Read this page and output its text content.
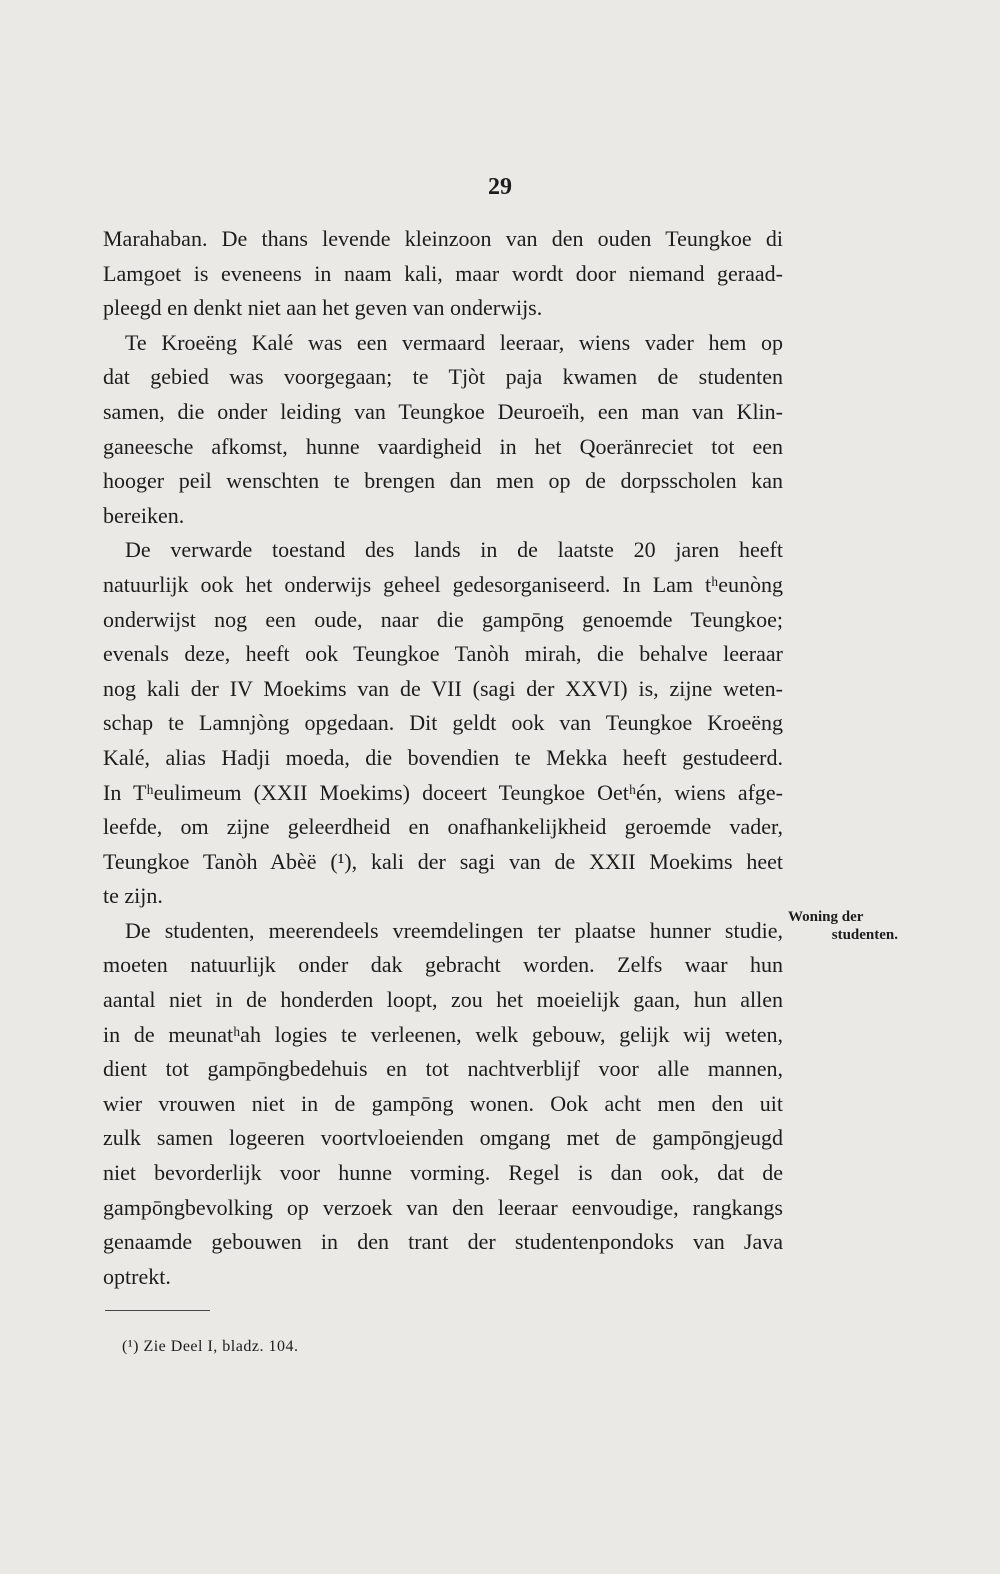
29
Marahaban. De thans levende kleinzoon van den ouden Teungkoe di
Lamgoet is eveneens in naam kali, maar wordt door niemand geraad-
pleegd en denkt niet aan het geven van onderwijs.
Te Kroeëng Kalé was een vermaard leeraar, wiens vader hem op
dat gebied was voorgegaan; te Tjòt paja kwamen de studenten
samen, die onder leiding van Teungkoe Deuroeïh, een man van Klin-
ganeesche afkomst, hunne vaardigheid in het Qoeränreciet tot een
hooger peil wenschten te brengen dan men op de dorpsscholen kan
bereiken.
De verwarde toestand des lands in de laatste 20 jaren heeft
natuurlijk ook het onderwijs geheel gedesorganiseerd. In Lam tʰeunòng
onderwijst nog een oude, naar die gampōng genoemde Teungkoe;
evenals deze, heeft ook Teungkoe Tanòh mirah, die behalve leeraar
nog kali der IV Moekims van de VII (sagi der XXVI) is, zijne weten-
schap te Lamnjòng opgedaan. Dit geldt ook van Teungkoe Kroeëng
Kalé, alias Hadji moeda, die bovendien te Mekka heeft gestudeerd.
In Tʰeulimeum (XXII Moekims) doceert Teungkoe Oetʰén, wiens afge-
leefde, om zijne geleerdheid en onafhankelijkheid geroemde vader,
Teungkoe Tanòh Abèë (¹), kali der sagi van de XXII Moekims heet
te zijn.
De studenten, meerendeels vreemdelingen ter plaatse hunner studie,
moeten natuurlijk onder dak gebracht worden. Zelfs waar hun
aantal niet in de honderden loopt, zou het moeielijk gaan, hun allen
in de meunatʰah logies te verleenen, welk gebouw, gelijk wij weten,
dient tot gampōngbedehuis en tot nachtverblijf voor alle mannen,
wier vrouwen niet in de gampōng wonen. Ook acht men den uit
zulk samen logeeren voortvloeienden omgang met de gampōngjeugd
niet bevorderlijk voor hunne vorming. Regel is dan ook, dat de
gampōngbevolking op verzoek van den leeraar eenvoudige, rangkangs
genaamde gebouwen in den trant der studentenpondoks van Java
optrekt.
Woning der
studenten.
(¹) Zie Deel I, bladz. 104.
